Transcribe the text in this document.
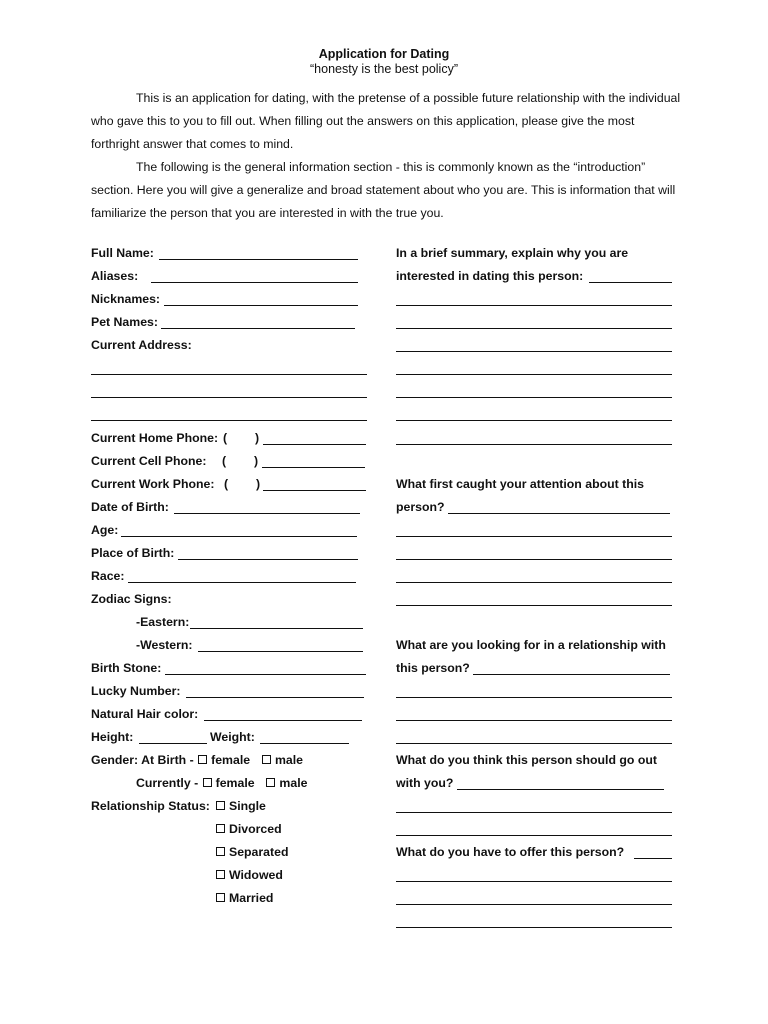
Application for Dating
“honesty is the best policy”

This is an application for dating, with the pretense of a possible future relationship with the individual who gave this to you to fill out. When filling out the answers on this application, please give the most forthright answer that comes to mind.

The following is the general information section - this is commonly known as the “introduction” section. Here you will give a generalize and broad statement about who you are. This is information that will familiarize the person that you are interested in with the true you.

Full Name:
Aliases:
Nicknames:
Pet Names:
Current Address:
Current Home Phone: ( )
Current Cell Phone: ( )
Current Work Phone: ( )
Date of Birth:
Age:
Place of Birth:
Race:
Zodiac Signs:
-Eastern:
-Western:
Birth Stone:
Lucky Number:
Natural Hair color:
Height:	Weight:
Gender: At Birth - female male
Currently - female male
Relationship Status:	Single
Divorced
Separated
Widowed
Married
In a brief summary, explain why you are
interested in dating this person:
What first caught your attention about this
person?
What are you looking for in a relationship with
this person?
What do you think this person should go out
with you?
What do you have to offer this person?
